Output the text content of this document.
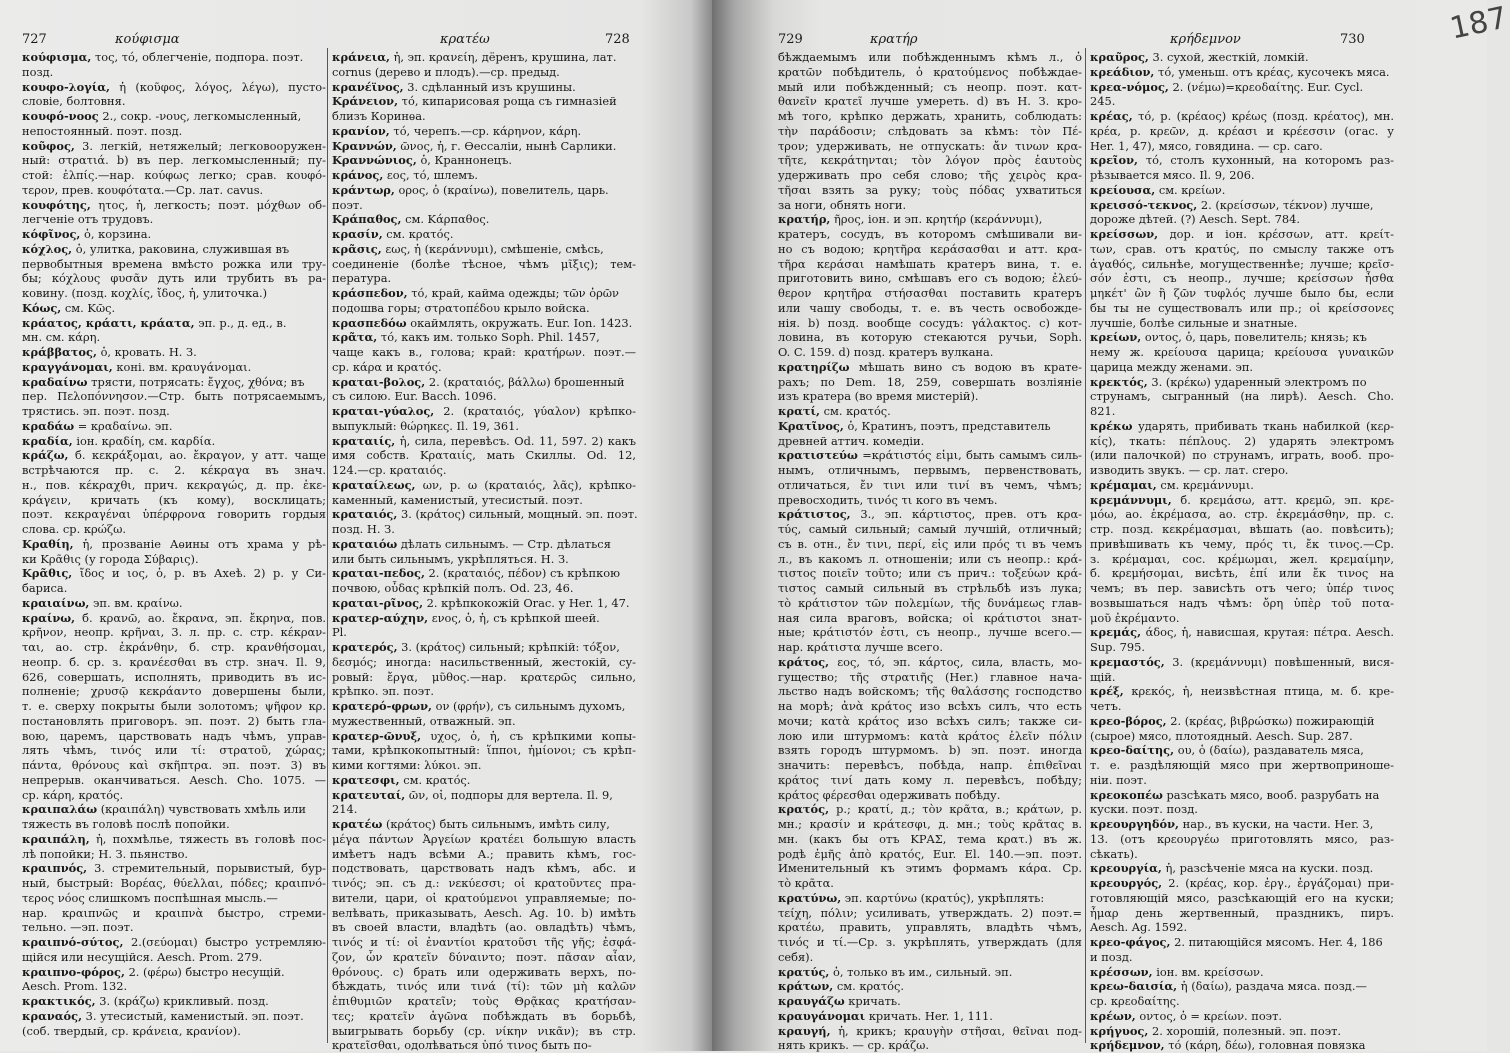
727	κούφισμα	κρατέω	728
κούφισμα, τος, τό, облегченіе, подпора. поэт.
позд.
κουφο-λογία, ἡ (κοῦφος, λόγος, λέγω), пусто-
словіе, болтовня.
κουφό-νοος 2., сокр. -νους, легкомысленный,
непостоянный. поэт. позд.
κοῦφος, 3. легкій, нетяжелый; легковооружен-
ный: στρατιά. b) въ пер. легкомысленный; пу-
стой: ἐλπίς.—нар. κούφως легко; срав. κουφό-
τερον, прев. κουφότατα.—Ср. лат. cavus.
κουφότης, ητος, ἡ, легкость; поэт. μόχθων об-
легченіе отъ трудовъ.
κόφῖνος, ὁ, корзина.
κόχλος, ὁ, улитка, раковина, служившая въ
первобытныя времена вмѣсто рожка или тру-
бы; κόχλους φυσᾶν дуть или трубить въ ра-
ковину. (позд. κοχλίς, ἴδος, ἡ, улиточка.)
Κόως, см. Κῶς.
κράατος, κράατι, κράατα, эп. р., д. ед., в.
мн. см. κάρη.
κράββατος, ὁ, кровать. Н. З.
κραγγάνομαι, коні. вм. κραυγάνομαι.
κραδαίνω трясти, потрясать: ἔγχος, χθόνα; въ
пер. Πελοπόννησον.—Стр. быть потрясаемымъ,
трястись. эп. поэт. позд.
κραδάω = κραδαίνω. эп.
κραδία, іон. κραδίη, см. καρδία.
κράζω, б. κεκράξομαι, ао. ἔκραγον, у атт. чаще
встрѣчаются пр. с. 2. κέκραγα въ знач.
н., пов. κέκραχθι, прич. κεκραγώς, д. пр. ἐκε-
κράγειν, кричать (къ кому), восклицать;
поэт. κεκραγέναι ὑπέρφρονα говорить гордыя
слова. ср. κρώζω.
Κραθίη, ἡ, прозваніе Аѳины отъ храма у рѣ-
ки Κρᾶθις (у города Σύβαρις).
Κρᾶθις, ἴδος и ιος, ὁ, р. въ Ахеѣ. 2) р. у Си-
бариса.
κραιαίνω, эп. вм. κραίνω.
κραίνω, б. κρανῶ, ао. ἔκρανα, эп. ἔκρηνα, пов.
κρῆνον, неопр. κρῆναι, 3. л. пр. с. стр. κέκραν-
ται, ао. стр. ἐκράνθην, б. стр. κρανθήσομαι,
неопр. б. ср. з. κρανέεσθαι въ стр. знач. Il. 9,
626, совершать, исполнять, приводить въ ис-
полненіе; χρυσῷ κεκράαντο довершены были,
т. е. сверху покрыты были золотомъ; ψῆφον κρ.
постановлять приговоръ. эп. поэт. 2) быть гла-
вою, царемъ, царствовать надъ чѣмъ, управ-
лять чѣмъ, τινός или τί: στρατοῦ, χώρας;
πάντα, θρόνους καὶ σκῆπτρα. эп. поэт. 3) въ
непрерыв. оканчиваться. Aesch. Cho. 1075. —
ср. κάρη, κρατός.
κραιπαλάω (κραιπάλη) чувствовать хмѣль или
тяжесть въ головѣ послѣ попойки.
κραιπάλη, ἡ, похмѣлье, тяжесть въ головѣ пос-
лѣ попойки; Н. З. пьянство.
κραιπνός, 3. стремительный, порывистый, бур-
ный, быстрый: Βορέας, θύελλαι, πόδες; κραιπνό-
τερος νόος слишкомъ поспѣшная мысль.—
нар. κραιπνῶς и κραιπνὰ быстро, стреми-
тельно. —эп. поэт.
κραιπνό-σύτος, 2.(σεύομαι) быстро устремляю-
щійся или несущійся. Aesch. Prom. 279.
κραιπνο-φόρος, 2. (φέρω) быстро несущій.
Aesch. Prom. 132.
κρακτικός, 3. (κράζω) крикливый. позд.
κραναός, 3. утесистый, каменистый. эп. поэт.
(соб. твердый, ср. κράνεια, κρανίον).
κράνεια, ἡ, эп. κρανείη, дёренъ, крушина, лат.
cornus (дерево и плодъ).—ср. предыд.
κρανέϊνος, 3. сдѣланный изъ крушины.
Κράνειον, τό, кипарисовая роща съ гимназіей
близъ Коринѳа.
κρανίον, τό, черепъ.—ср. κάρηνον, κάρη.
Κραννών, ῶνος, ἡ, г. Ѳессаліи, нынѣ Сарлики.
Κραννώνιος, ὁ, Краннонецъ.
κράνος, εος, τό, шлемъ.
κράντωρ, ορος, ὁ (κραίνω), повелитель, царь.
поэт.
Κράπαθος, см. Κάρπαθος.
κρασίν, см. κρατός.
κρᾶσις, εως, ἡ (κεράννυμι), смѣшеніе, смѣсь,
соединеніе (болѣе тѣсное, чѣмъ μῖξις); тем-
пература.
κράσπεδον, τό, край, кайма одежды; τῶν ὀρῶν
подошва горы; στρατοπέδου крыло войска.
κρασπεδόω окаймлять, окружать. Eur. Ion. 1423.
κρᾶτα, τό, какъ им. только Soph. Phil. 1457,
чаще какъ в., голова; край: κρατήρων. поэт.—
ср. κάρα и κρατός.
κραται-βολος, 2. (κραταιός, βάλλω) брошенный
съ силою. Eur. Bacch. 1096.
κραται-γύαλος, 2. (κραταιός, γύαλον) крѣпко-
выпуклый: θώρηκες. Il. 19, 361.
κραταιίς, ἡ, сила, перевѣсъ. Od. 11, 597. 2) какъ
имя собств. Κραταιίς, мать Скиллы. Od. 12,
124.—ср. κραταιός.
κραταίλεως, ων, р. ω (κραταιός, λᾶς), крѣпко-
каменный, каменистый, утесистый. поэт.
κραταιός, 3. (κράτος) сильный, мощный. эп. поэт.
позд. Н. З.
κραταιόω дѣлать сильнымъ. — Стр. дѣлаться
или быть сильнымъ, укрѣпляться. Н. З.
κραται-πεδος, 2. (κραταιός, πέδον) съ крѣпкою
почвою, οὖδας крѣпкій полъ. Od. 23, 46.
κραται-ρῖνος, 2. крѣпкокожій Orac. у Her. 1, 47.
κρατερ-αύχην, ενος, ὁ, ἡ, съ крѣпкой шеей.
Pl.
κρατερός, 3. (κράτος) сильный; крѣпкій: τόξον,
δεσμός; иногда: насильственный, жестокій, су-
ровый: ἔργα, μῦθος.—нар. κρατερῶς сильно,
крѣпко. эп. поэт.
κρατερό-φρων, ον (φρήν), съ сильнымъ духомъ,
мужественный, отважный. эп.
κρατερ-ῶνυξ, υχος, ὁ, ἡ, съ крѣпкими копы-
тами, крѣпкокопытный: ἵπποι, ἡμίονοι; съ крѣп-
кими когтями: λύκοι. эп.
κρατεσφι, см. κρατός.
κρατευταί, ῶν, οἱ, подпоры для вертела. Il. 9,
214.
κρατέω (κράτος) быть сильнымъ, имѣть силу,
μέγα πάντων Ἀργείων κρατέει большую власть
имѣетъ надъ всѣми А.; править кѣмъ, гос-
подствовать, царствовать надъ кѣмъ, абс. и
τινός; эп. съ д.: νεκύεσσι; οἱ κρατοῦντες пра-
вители, цари, οἱ κρατούμενοι управляемые; по-
велѣвать, приказывать, Aesch. Ag. 10. b) имѣть
въ своей власти, владѣть (ао. овладѣть) чѣмъ,
τινός и τί: οἱ ἐναντίοι κρατοῦσι τῆς γῆς; ἐσφά-
ζον, ὧν κρατεῖν δύναιντο; поэт. πᾶσαν αἶαν,
θρόνους. c) брать или одерживать верхъ, по-
бѣждать, τινός или τινά (τί): τῶν μὴ καλῶν
ἐπιθυμιῶν κρατεῖν; τοὺς Θρᾷκας κρατήσαν-
τες; κρατεῖν ἀγῶνα побѣждать въ борьбѣ,
выигрывать борьбу (ср. νίκην νικᾶν); въ стр.
κρατεῖσθαι, одолѣваться ὑπό τινος быть по-
729	κρατήρ	κρήδεμνον	730
бѣждаемымъ или побѣжденнымъ кѣмъ л., ὁ
κρατῶν побѣдитель, ὁ κρατούμενος побѣждае-
мый или побѣжденный; съ неопр. поэт. κατ-
θανεῖν κρατεῖ лучше умереть. d) въ Н. З. кро-
мѣ того, крѣпко держать, хранить, соблюдать:
τὴν παράδοσιν; слѣдовать за кѣмъ: τὸν Πέ-
τρον; удерживать, не отпускать: ἄν τινων κρα-
τῆτε, κεκράτηνται; τὸν λόγον πρὸς ἑαυτοὺς
удерживать про себя слово; τῆς χειρὸς κρα-
τῆσαι взять за руку; τοὺς πόδας ухватиться
за ноги, обнять ноги.
κρατήρ, ῆρος, іон. и эп. κρητήρ (κεράννυμι),
кратеръ, сосудъ, въ которомъ смѣшивали ви-
но съ водою; κρητῆρα κεράσασθαι и атт. κρα-
τῆρα κεράσαι намѣшать кратеръ вина, т. е.
приготовить вино, смѣшавъ его съ водою; ἐλεύ-
θερον κρητῆρα στήσασθαι поставить кратеръ
или чашу свободы, т. е. въ честь освобожде-
нія. b) позд. вообще сосудъ: γάλακτος. c) кот-
ловина, въ которую стекаются ручьи, Soph.
O. C. 159. d) позд. кратеръ вулкана.
κρατηρίζω мѣшать вино съ водою въ крате-
рахъ; по Dem. 18, 259, совершать возліяніе
изъ кратера (во время мистерій).
κρατί, см. κρατός.
Κρατῖνος, ὁ, Кратинъ, поэтъ, представитель
древней аттич. комедіи.
κρατιστεύω =κράτιστός εἰμι, быть самымъ силь-
нымъ, отличнымъ, первымъ, первенствовать,
отличаться, ἔν τινι или τινί въ чемъ, чѣмъ;
превосходить, τινός τι кого въ чемъ.
κράτιστος, 3., эп. κάρτιστος, прев. отъ κρα-
τύς, самый сильный; самый лучшій, отличный;
съ в. отн., ἔν τινι, περί, εἰς или πρός τι въ чемъ
л., въ какомъ л. отношеніи; или съ неопр.: κρά-
τιστος ποιεῖν τοῦτο; или съ прич.: τοξεύων κρά-
τιστος самый сильный въ стрѣльбѣ изъ лука;
τὸ κράτιστον τῶν πολεμίων, τῆς δυνάμεως глав-
ная сила враговъ, войска; οἱ κράτιστοι знат-
ные; κράτιστόν ἐστι, съ неопр., лучше всего.—
нар. κράτιστα лучше всего.
κράτος, εος, τό, эп. κάρτος, сила, власть, мо-
гущество; τῆς στρατιῆς (Her.) главное нача-
льство надъ войскомъ; τῆς θαλάσσης господство
на морѣ; ἀνὰ κράτος изо всѣхъ силъ, что есть
мочи; κατὰ κράτος изо всѣхъ силъ; также си-
лою или штурмомъ: κατὰ κράτος ἑλεῖν πόλιν
взять городъ штурмомъ. b) эп. поэт. иногда
значить: перевѣсъ, побѣда, напр. ἐπιθεῖναι
κράτος τινί дать кому л. перевѣсъ, побѣду;
κράτος φέρεσθαι одерживать побѣду.
κρατός, р.; κρατί, д.; τὸν κρᾶτα, в.; κράτων, р.
мн.; κρασίν и κράτεσφι, д. мн.; τοὺς κρᾶτας в.
мн. (какъ бы отъ ΚΡΑΣ, тема κρατ.) въ ж.
родѣ ἐμῆς ἀπὸ κρατός, Eur. El. 140.—эп. поэт.
Именительный къ этимъ формамъ κάρα. Ср.
τὸ κρᾶτα.
κρατύνω, эп. καρτύνω (κρατύς), укрѣплять:
τείχη, πόλιν; усиливать, утверждать. 2) поэт.=
κρατέω, править, управлять, владѣть чѣмъ,
τινός и τί.—Ср. з. укрѣплять, утверждать (для
себя).
κρατύς, ὁ, только въ им., сильный. эп.
κράτων, см. κρατός.
κραυγάζω кричать.
κραυγάνομαι кричать. Her. 1, 111.
κραυγή, ἡ, крикъ; κραυγὴν στῆσαι, θεῖναι под-
нять крикъ. — ср. κράζω.
κραῦρος, 3. сухой, жесткій, ломкій.
κρεάδιον, τό, уменьш. отъ κρέας, кусочекъ мяса.
κρεα-νόμος, 2. (νέμω)=κρεοδαίτης. Eur. Cycl.
245.
κρέας, τό, р. (κρέαος) κρέως (позд. κρέατος), мн.
κρέα, р. κρεῶν, д. κρέασι и κρέεσσιν (огас. у
Her. 1, 47), мясо, говядина. — ср. caro.
κρεῖον, τό, столъ кухонный, на которомъ раз-
рѣзывается мясо. Il. 9, 206.
κρείουσα, см. κρείων.
κρεισσό-τεκνος, 2. (κρείσσων, τέκνον) лучше,
дороже дѣтей. (?) Aesch. Sept. 784.
κρείσσων, дор. и іон. κρέσσων, атт. κρείτ-
των, срав. отъ κρατύς, по смыслу также отъ
ἀγαθός, сильнѣе, могущественнѣе; лучше; κρεῖσ-
σόν ἐστι, съ неопр., лучше; κρείσσων ἦσθα
μηκέτ' ὢν ἢ ζῶν τυφλός лучше было бы, если
бы ты не существовалъ или пр.; οἱ κρείσσονες
лучшіе, болѣе сильные и знатные.
κρείων, οντος, ὁ, царь, повелитель; князь; къ
нему ж. κρείουσα царица; κρείουσα γυναικῶν
царица между женами. эп.
κρεκτός, 3. (κρέκω) ударенный электромъ по
струнамъ, сыгранный (на лирѣ). Aesch. Cho.
821.
κρέκω ударять, прибивать ткань набилкой (κερ-
κίς), ткать: πέπλους. 2) ударять электромъ
(или палочкой) по струнамъ, играть, вооб. про-
изводить звукъ. — ср. лат. crepo.
κρέμαμαι, см. κρεμάννυμι.
κρεμάννυμι, б. κρεμάσω, атт. κρεμῶ, эп. κρε-
μόω, ао. ἐκρέμασα, ао. стр. ἐκρεμάσθην, пр. с.
стр. позд. κεκρέμασμαι, вѣшать (ао. повѣсить);
привѣшивать къ чему, πρός τι, ἔκ τινος.—Ср.
з. κρέμαμαι, сос. κρέμωμαι, жел. κρεμαίμην,
б. κρεμήσομαι, висѣть, ἐπί или ἔκ τινος на
чемъ; въ пер. зависѣть отъ чего; ὑπέρ τινος
возвышаться надъ чѣмъ: ὄρη ὑπὲρ τοῦ ποτα-
μοῦ ἐκρέμαντο.
κρεμάς, άδος, ἡ, нависшая, крутая: πέτρα. Aesch.
Sup. 795.
κρεμαστός, 3. (κρεμάννυμι) повѣшенный, вися-
щій.
κρέξ, κρεκός, ἡ, неизвѣстная птица, м. б. кре-
четъ.
κρεο-βόρος, 2. (κρέας, βιβρώσκω) пожирающій
(сырое) мясо, плотоядный. Aesch. Sup. 287.
κρεο-δαίτης, ου, ὁ (δαίω), раздаватель мяса,
т. е. раздѣляющій мясо при жертвоприноше-
ніи. поэт.
κρεοκοπέω разсѣкать мясо, вооб. разрубать на
куски. поэт. позд.
κρεουργηδόν, нар., въ куски, на части. Her. 3,
13. (отъ κρεουργέω приготовлять мясо, раз-
сѣкать).
κρεουργία, ἡ, разсѣченіе мяса на куски. позд.
κρεουργός, 2. (κρέας, кор. ἐργ., ἐργάζομαι) при-
готовляющій мясо, разсѣкающій его на куски;
ἦμαρ день жертвенный, праздникъ, пиръ.
Aesch. Ag. 1592.
κρεο-φάγος, 2. питающійся мясомъ. Her. 4, 186
и позд.
κρέσσων, іон. вм. κρείσσων.
κρεω-δαισία, ἡ (δαίω), раздача мяса. позд.—
ср. κρεοδαίτης.
κρέων, οντος, ὁ = κρείων. поэт.
κρήγυος, 2. хорошій, полезный. эп. поэт.
κρήδεμνον, τό (κάρη, δέω), головная повязка
187
